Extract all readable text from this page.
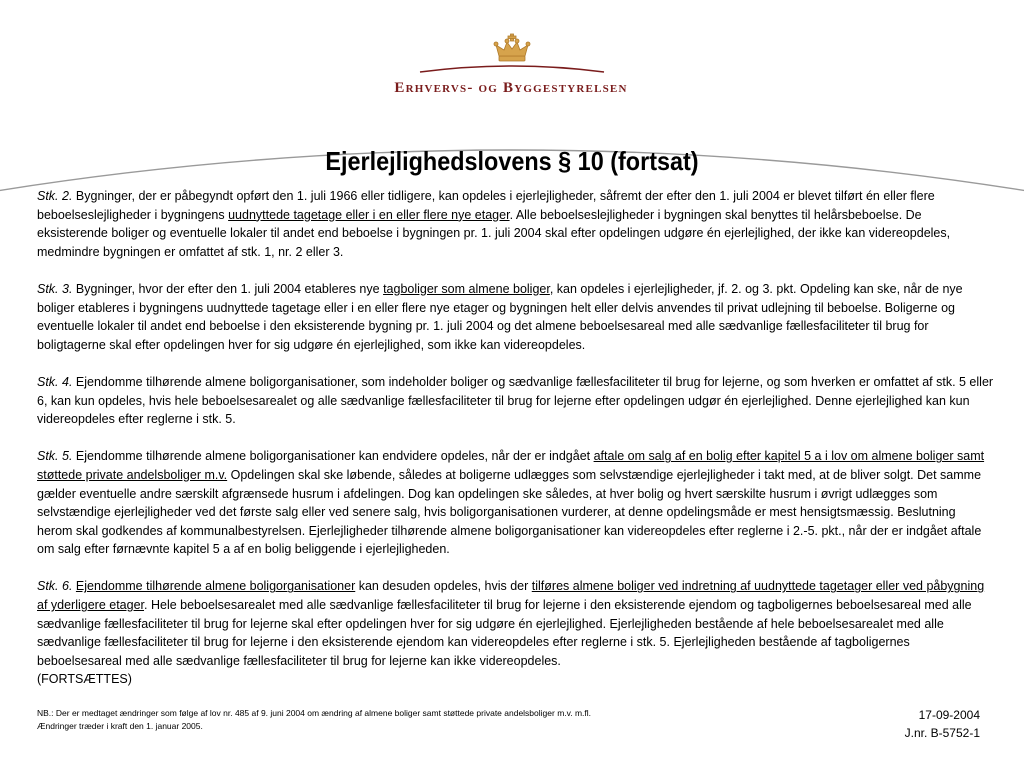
Erhvervs- og Byggestyrelsen
Ejerlejlighedslovens § 10 (fortsat)

Stk. 2. Bygninger, der er påbegyndt opført den 1. juli 1966 eller tidligere, kan opdeles i ejerlejligheder, såfremt der efter den 1. juli 2004 er blevet tilført én eller flere beboelseslejligheder i bygningens uudnyttede tagetage eller i en eller flere nye etager. Alle beboelseslejligheder i bygningen skal benyttes til helårsbeboelse. De eksisterende boliger og eventuelle lokaler til andet end beboelse i bygningen pr. 1. juli 2004 skal efter opdelingen udgøre én ejerlejlighed, der ikke kan videreopdeles, medmindre bygningen er omfattet af stk. 1, nr. 2 eller 3.

Stk. 3. Bygninger, hvor der efter den 1. juli 2004 etableres nye tagboliger som almene boliger, kan opdeles i ejerlejligheder, jf. 2. og 3. pkt. Opdeling kan ske, når de nye boliger etableres i bygningens uudnyttede tagetage eller i en eller flere nye etager og bygningen helt eller delvis anvendes til privat udlejning til beboelse. Boligerne og eventuelle lokaler til andet end beboelse i den eksisterende bygning pr. 1. juli 2004 og det almene beboelsesareal med alle sædvanlige fællesfaciliteter til brug for boligtagerne skal efter opdelingen hver for sig udgøre én ejerlejlighed, som ikke kan videreopdeles.

Stk. 4. Ejendomme tilhørende almene boligorganisationer, som indeholder boliger og sædvanlige fællesfaciliteter til brug for lejerne, og som hverken er omfattet af stk. 5 eller 6, kan kun opdeles, hvis hele beboelsesarealet og alle sædvanlige fællesfaciliteter til brug for lejerne efter opdelingen udgør én ejerlejlighed. Denne ejerlejlighed kan kun videreopdeles efter reglerne i stk. 5.

Stk. 5. Ejendomme tilhørende almene boligorganisationer kan endvidere opdeles, når der er indgået aftale om salg af en bolig efter kapitel 5 a i lov om almene boliger samt støttede private andelsboliger m.v. Opdelingen skal ske løbende, således at boligerne udlægges som selvstændige ejerlejligheder i takt med, at de bliver solgt. Det samme gælder eventuelle andre særskilt afgrænsede husrum i afdelingen. Dog kan opdelingen ske således, at hver bolig og hvert særskilte husrum i øvrigt udlægges som selvstændige ejerlejligheder ved det første salg eller ved senere salg, hvis boligorganisationen vurderer, at denne opdelingsmåde er mest hensigtsmæssig. Beslutning herom skal godkendes af kommunalbestyrelsen. Ejerlejligheder tilhørende almene boligorganisationer kan videreopdeles efter reglerne i 2.-5. pkt., når der er indgået aftale om salg efter førnævnte kapitel 5 a af en bolig beliggende i ejerlejligheden.

Stk. 6. Ejendomme tilhørende almene boligorganisationer kan desuden opdeles, hvis der tilføres almene boliger ved indretning af uudnyttede tagetager eller ved påbygning af yderligere etager. Hele beboelsesarealet med alle sædvanlige fællesfaciliteter til brug for lejerne i den eksisterende ejendom og tagboligernes beboelsesareal med alle sædvanlige fællesfaciliteter til brug for lejerne skal efter opdelingen hver for sig udgøre én ejerlejlighed. Ejerlejligheden bestående af hele beboelsesarealet med alle sædvanlige fællesfaciliteter til brug for lejerne i den eksisterende ejendom kan videreopdeles efter reglerne i stk. 5. Ejerlejligheden bestående af tagboligernes beboelsesareal med alle sædvanlige fællesfaciliteter til brug for lejerne kan ikke videreopdeles.
(FORTSÆTTES)

NB.: Der er medtaget ændringer som følge af lov nr. 485 af 9. juni 2004 om ændring af almene boliger samt støttede private andelsboliger m.v. m.fl.
Ændringer træder i kraft den 1. januar 2005.
17-09-2004
J.nr. B-5752-1
